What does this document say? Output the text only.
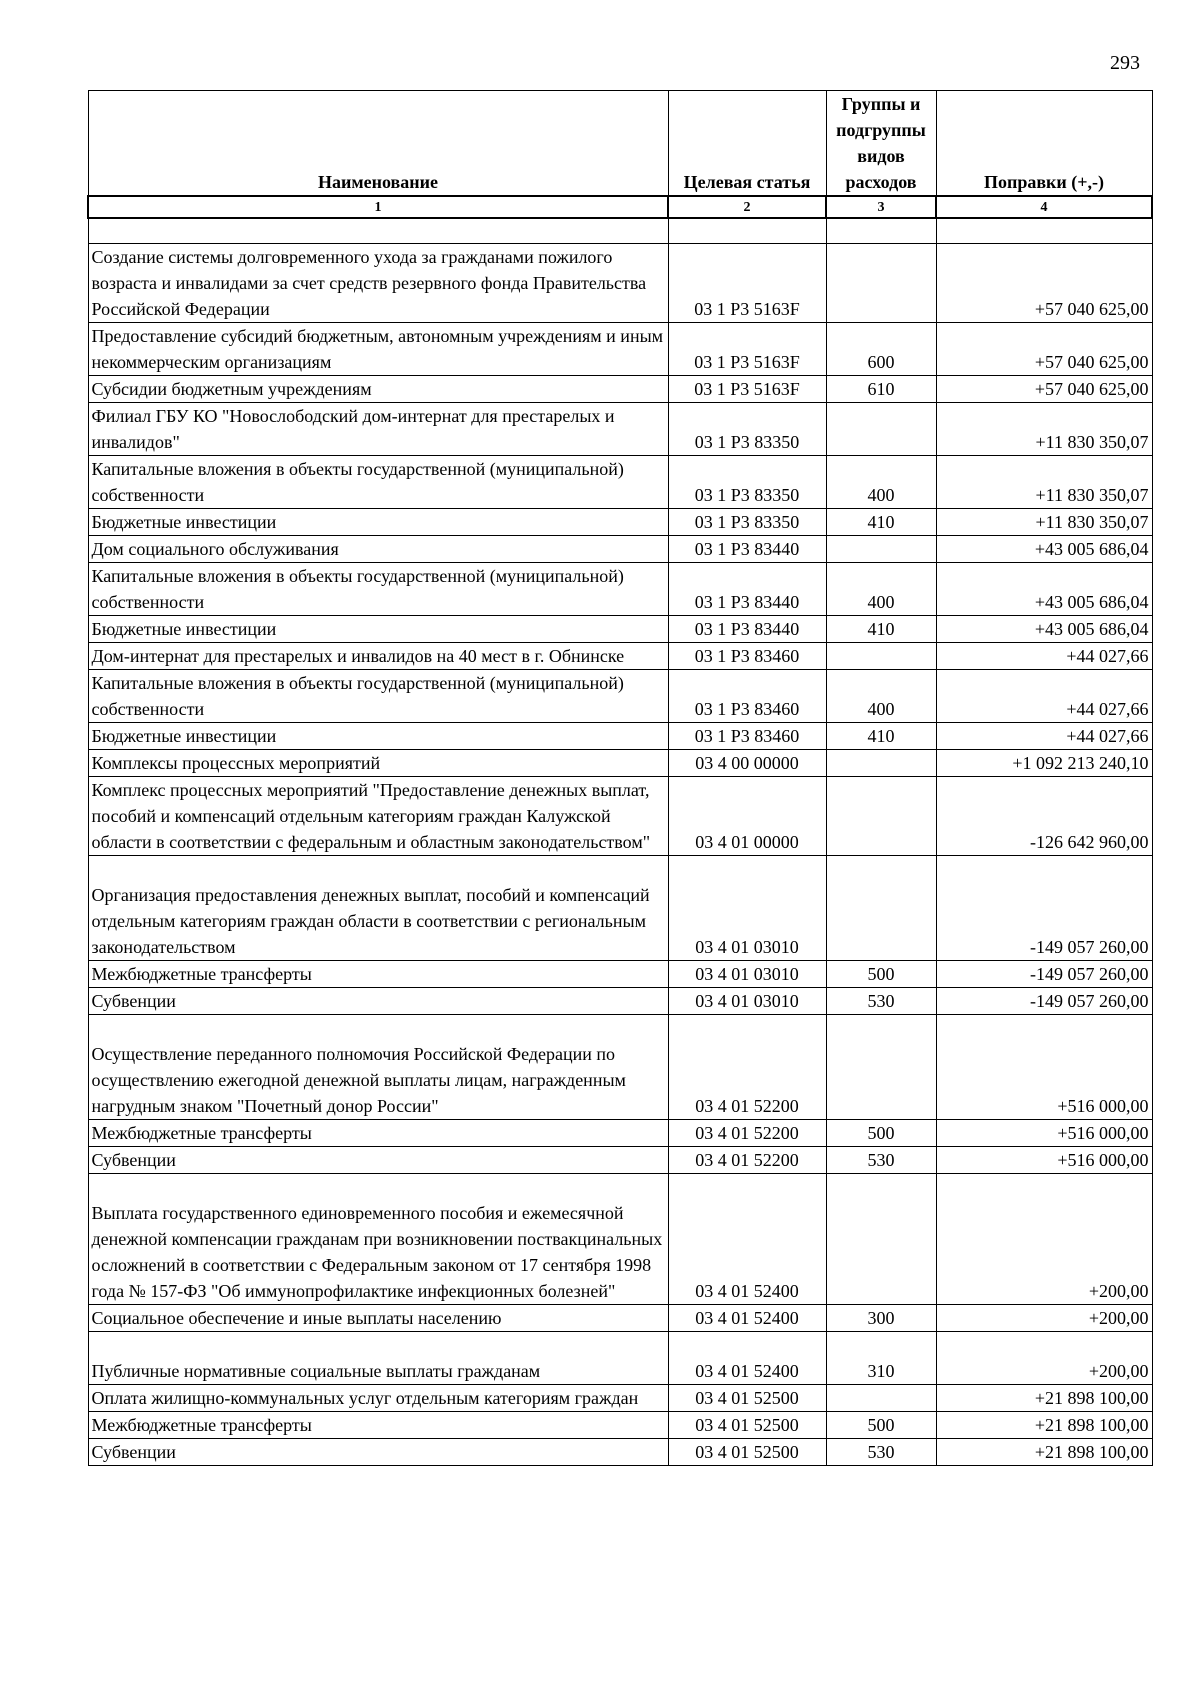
293
Наименование	Целевая статья	Группы и подгруппы видов расходов	Поправки (+,-)
1	2	3	4

Создание системы долговременного ухода за гражданами пожилого возраста и инвалидами за счет средств резервного фонда Правительства Российской Федерации	03 1 Р3 5163F		+57 040 625,00
Предоставление субсидий бюджетным, автономным учреждениям и иным некоммерческим организациям	03 1 Р3 5163F	600	+57 040 625,00
Субсидии бюджетным учреждениям	03 1 Р3 5163F	610	+57 040 625,00
Филиал ГБУ КО "Новослободский дом-интернат для престарелых и инвалидов"	03 1 Р3 83350		+11 830 350,07
Капитальные вложения в объекты государственной (муниципальной) собственности	03 1 Р3 83350	400	+11 830 350,07
Бюджетные инвестиции	03 1 Р3 83350	410	+11 830 350,07
Дом социального обслуживания	03 1 Р3 83440		+43 005 686,04
Капитальные вложения в объекты государственной (муниципальной) собственности	03 1 Р3 83440	400	+43 005 686,04
Бюджетные инвестиции	03 1 Р3 83440	410	+43 005 686,04
Дом-интернат для престарелых и инвалидов на 40 мест в г. Обнинске	03 1 Р3 83460		+44 027,66
Капитальные вложения в объекты государственной (муниципальной) собственности	03 1 Р3 83460	400	+44 027,66
Бюджетные инвестиции	03 1 Р3 83460	410	+44 027,66
Комплексы процессных мероприятий	03 4 00 00000		+1 092 213 240,10
Комплекс процессных мероприятий "Предоставление денежных выплат, пособий и компенсаций отдельным категориям граждан Калужской области в соответствии с федеральным и областным законодательством"	03 4 01 00000		-126 642 960,00

Организация предоставления денежных выплат, пособий и компенсаций отдельным категориям граждан области в соответствии с региональным законодательством	03 4 01 03010		-149 057 260,00
Межбюджетные трансферты	03 4 01 03010	500	-149 057 260,00
Субвенции	03 4 01 03010	530	-149 057 260,00

Осуществление переданного полномочия Российской Федерации по осуществлению ежегодной денежной выплаты лицам, награжденным нагрудным знаком "Почетный донор России"	03 4 01 52200		+516 000,00
Межбюджетные трансферты	03 4 01 52200	500	+516 000,00
Субвенции	03 4 01 52200	530	+516 000,00

Выплата государственного единовременного пособия и ежемесячной денежной компенсации гражданам при возникновении поствакцинальных осложнений в соответствии с Федеральным законом от 17 сентября 1998 года № 157-ФЗ "Об иммунопрофилактике инфекционных болезней"	03 4 01 52400		+200,00
Социальное обеспечение и иные выплаты населению	03 4 01 52400	300	+200,00

Публичные нормативные социальные выплаты гражданам	03 4 01 52400	310	+200,00
Оплата жилищно-коммунальных услуг отдельным категориям граждан	03 4 01 52500		+21 898 100,00
Межбюджетные трансферты	03 4 01 52500	500	+21 898 100,00
Субвенции	03 4 01 52500	530	+21 898 100,00
